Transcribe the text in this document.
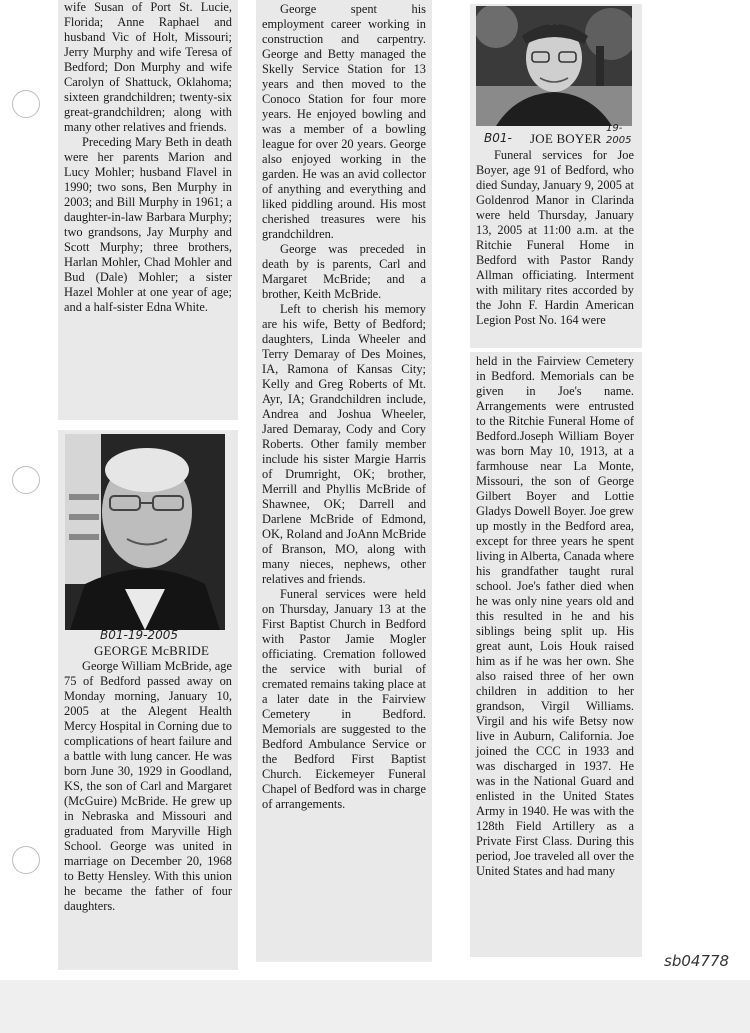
wife Susan of Port St. Lucie, Florida; Anne Raphael and husband Vic of Holt, Missouri; Jerry Murphy and wife Teresa of Bedford; Don Murphy and wife Carolyn of Shattuck, Oklahoma; sixteen grandchildren; twenty-six great-grandchildren; along with many other relatives and friends.

Preceding Mary Beth in death were her parents Marion and Lucy Mohler; husband Flavel in 1990; two sons, Ben Murphy in 2003; and Bill Murphy in 1961; a daughter-in-law Barbara Murphy; two grandsons, Jay Murphy and Scott Murphy; three brothers, Harlan Mohler, Chad Mohler and Bud (Dale) Mohler; a sister Hazel Mohler at one year of age; and a half-sister Edna White.

B01-19-2005
GEORGE McBRIDE

George William McBride, age 75 of Bedford passed away on Monday morning, January 10, 2005 at the Alegent Health Mercy Hospital in Corning due to complications of heart failure and a battle with lung cancer. He was born June 30, 1929 in Goodland, KS, the son of Carl and Margaret (McGuire) McBride. He grew up in Nebraska and Missouri and graduated from Maryville High School. George was united in marriage on December 20, 1968 to Betty Hensley. With this union he became the father of four daughters.

George spent his employment career working in construction and carpentry. George and Betty managed the Skelly Service Station for 13 years and then moved to the Conoco Station for four more years. He enjoyed bowling and was a member of a bowling league for over 20 years. George also enjoyed working in the garden. He was an avid collector of anything and everything and liked piddling around. His most cherished treasures were his grandchildren.

George was preceded in death by is parents, Carl and Margaret McBride; and a brother, Keith McBride.

Left to cherish his memory are his wife, Betty of Bedford; daughters, Linda Wheeler and Terry Demaray of Des Moines, IA, Ramona of Kansas City; Kelly and Greg Roberts of Mt. Ayr, IA; Grandchildren include, Andrea and Joshua Wheeler, Jared Demaray, Cody and Cory Roberts. Other family member include his sister Margie Harris of Drumright, OK; brother, Merrill and Phyllis McBride of Shawnee, OK; Darrell and Darlene McBride of Edmond, OK, Roland and JoAnn McBride of Branson, MO, along with many nieces, nephews, other relatives and friends.

Funeral services were held on Thursday, January 13 at the First Baptist Church in Bedford with Pastor Jamie Mogler officiating. Cremation followed the service with burial of cremated remains taking place at a later date in the Fairview Cemetery in Bedford. Memorials are suggested to the Bedford Ambulance Service or the Bedford First Baptist Church. Eickemeyer Funeral Chapel of Bedford was in charge of arrangements.

B01- JOE BOYER
19-
2005

Funeral services for Joe Boyer, age 91 of Bedford, who died Sunday, January 9, 2005 at Goldenrod Manor in Clarinda were held Thursday, January 13, 2005 at 11:00 a.m. at the Ritchie Funeral Home in Bedford with Pastor Randy Allman officiating. Interment with military rites accorded by the John F. Hardin American Legion Post No. 164 were

held in the Fairview Cemetery in Bedford. Memorials can be given in Joe's name. Arrangements were entrusted to the Ritchie Funeral Home of Bedford.Joseph William Boyer was born May 10, 1913, at a farmhouse near La Monte, Missouri, the son of George Gilbert Boyer and Lottie Gladys Dowell Boyer. Joe grew up mostly in the Bedford area, except for three years he spent living in Alberta, Canada where his grandfather taught rural school. Joe's father died when he was only nine years old and this resulted in he and his siblings being split up. His great aunt, Lois Houk raised him as if he was her own. She also raised three of her own children in addition to her grandson, Virgil Williams. Virgil and his wife Betsy now live in Auburn, California. Joe joined the CCC in 1933 and was discharged in 1937. He was in the National Guard and enlisted in the United States Army in 1940. He was with the 128th Field Artillery as a Private First Class. During this period, Joe traveled all over the United States and had many

sb04778
